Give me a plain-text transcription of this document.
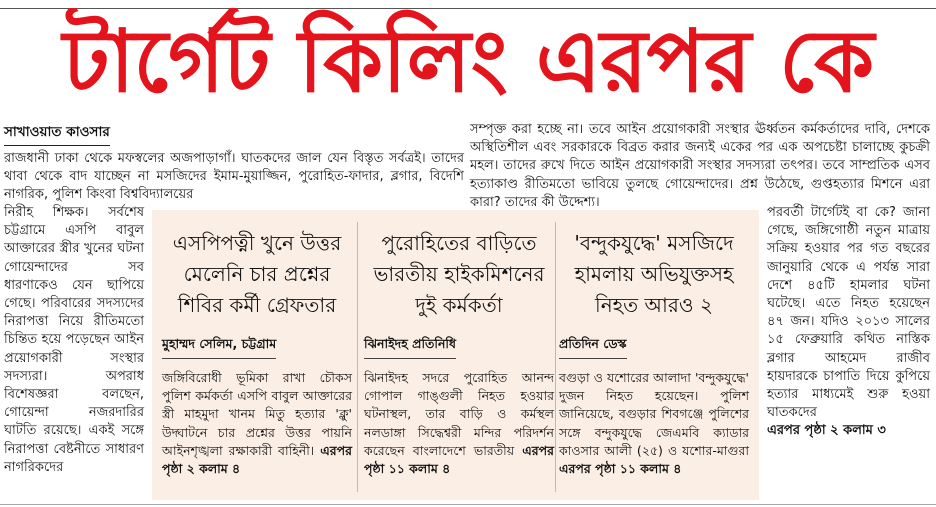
টার্গেট কিলিং এরপর কে
সাখাওয়াত কাওসার

রাজধানী ঢাকা থেকে মফস্বলের অজপাড়াগাঁ। ঘাতকদের জাল যেন বিস্তৃত সর্বত্রই। তাদের থাবা থেকে বাদ যাচ্ছেন না মসজিদের ইমাম-মুয়াজ্জিন, পুরোহিত-ফাদার, ব্লগার, বিদেশি নাগরিক, পুলিশ কিংবা বিশ্ববিদ্যালয়ের

নিরীহ শিক্ষক। সর্বশেষ চট্টগ্রামে এসপি বাবুল আক্তারের স্ত্রীর খুনের ঘটনা গোয়েন্দাদের সব ধারণাকেও যেন ছাপিয়ে গেছে। পরিবারের সদস্যদের নিরাপত্তা নিয়ে রীতিমতো চিন্তিত হয়ে পড়েছেন আইন প্রয়োগকারী সংস্থার সদস্যরা। অপরাধ বিশেষজ্ঞরা বলছেন, গোয়েন্দা নজরদারির ঘাটতি রয়েছে। একই সঙ্গে নিরাপত্তা বেষ্টনীতে সাধারণ নাগরিকদের

সম্পৃক্ত করা হচ্ছে না। তবে আইন প্রয়োগকারী সংস্থার ঊর্ধ্বতন কর্মকর্তাদের দাবি, দেশকে অস্থিতিশীল এবং সরকারকে বিব্রত করার জন্যই একের পর এক অপচেষ্টা চালাচ্ছে কুচক্রী মহল। তাদের রুখে দিতে আইন প্রয়োগকারী সংস্থার সদস্যরা তৎপর। তবে সাম্প্রতিক এসব হত্যাকাণ্ড রীতিমতো ভাবিয়ে তুলছে গোয়েন্দাদের। প্রশ্ন উঠেছে, গুপ্তহত্যার মিশনে এরা কারা? তাদের কী উদ্দেশ্য।

পরবর্তী টার্গেটই বা কে? জানা গেছে, জঙ্গিগোষ্ঠী নতুন মাত্রায় সক্রিয় হওয়ার পর গত বছরের জানুয়ারি থেকে এ পর্যন্ত সারা দেশে ৪৫টি হামলার ঘটনা ঘটেছে। এতে নিহত হয়েছেন ৪৭ জন। যদিও ২০১৩ সালের ১৫ ফেব্রুয়ারি কথিত নাস্তিক ব্লগার আহমেদ রাজীব হায়দারকে চাপাতি দিয়ে কুপিয়ে হত্যার মাধ্যমেই শুরু হওয়া ঘাতকদের

এরপর পৃষ্ঠা ২ কলাম ৩

এসপিপত্নী খুনে উত্তর মেলেনি চার প্রশ্নের শিবির কর্মী গ্রেফতার
মুহাম্মদ সেলিম, চট্টগ্রাম
জঙ্গিবিরোধী ভূমিকা রাখা চৌকস পুলিশ কর্মকর্তা এসপি বাবুল আক্তারের স্ত্রী মাহমুদা খানম মিতু হত্যার 'ক্লু' উদ্ঘাটনে চার প্রশ্নের উত্তর পায়নি আইনশৃঙ্খলা রক্ষাকারী বাহিনী। এরপর পৃষ্ঠা ২ কলাম ৪
পুরোহিতের বাড়িতে ভারতীয় হাইকমিশনের দুই কর্মকর্তা
ঝিনাইদহ প্রতিনিধি
ঝিনাইদহ সদরে পুরোহিত আনন্দ গোপাল গাঙ্গুলী নিহত হওয়ার ঘটনাস্থল, তার বাড়ি ও কর্মস্থল নলডাঙ্গা সিদ্ধেশ্বরী মন্দির পরিদর্শন করেছেন বাংলাদেশে ভারতীয় এরপর পৃষ্ঠা ১১ কলাম ৪
'বন্দুকযুদ্ধে' মসজিদে হামলায় অভিযুক্তসহ নিহত আরও ২
প্রতিদিন ডেস্ক
বগুড়া ও যশোরের আলাদা 'বন্দুকযুদ্ধে' দুজন নিহত হয়েছেন। পুলিশ জানিয়েছে, বগুড়ার শিবগঞ্জে পুলিশের সঙ্গে বন্দুকযুদ্ধে জেএমবি ক্যাডার কাওসার আলী (২৫) ও যশোর-মাগুরা এরপর পৃষ্ঠা ১১ কলাম ৪
